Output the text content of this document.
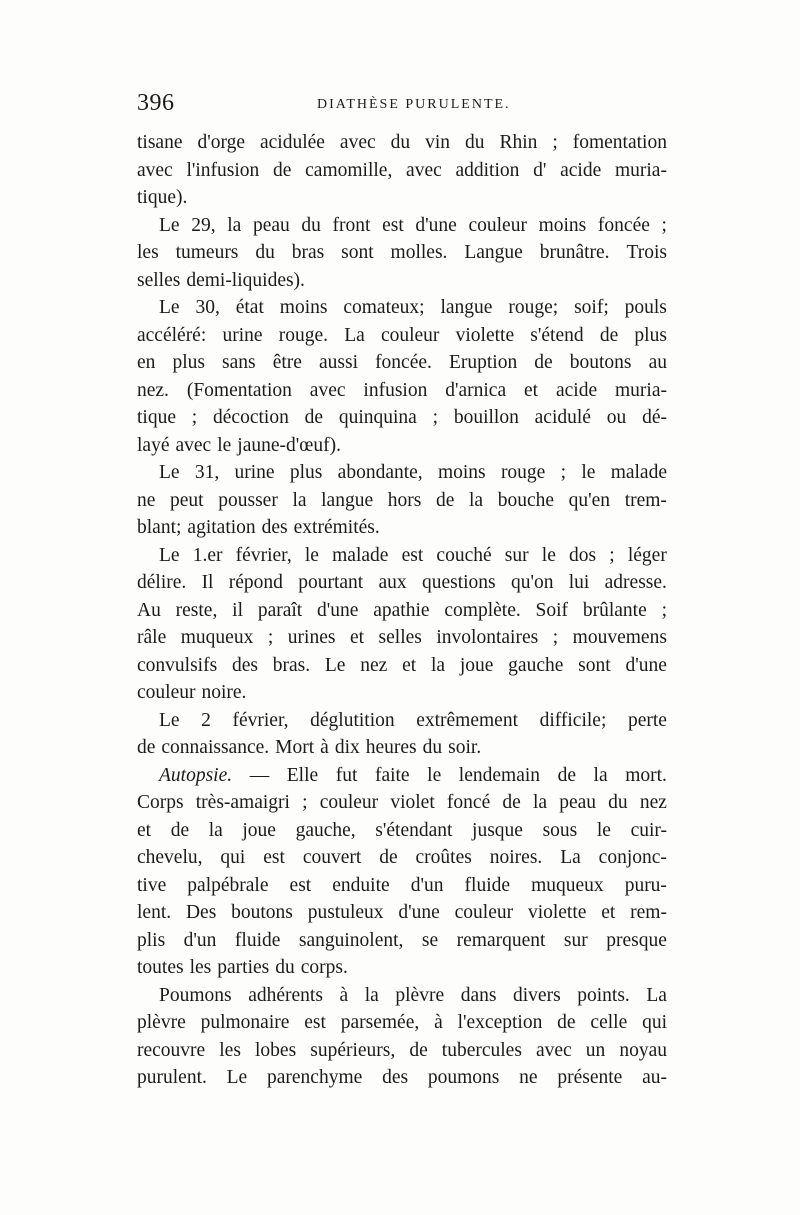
396	DIATHÈSE PURULENTE.
tisane d'orge acidulée avec du vin du Rhin ; fomentation
avec l'infusion de camomille, avec addition d' acide muria-
tique).
Le 29, la peau du front est d'une couleur moins foncée ;
les tumeurs du bras sont molles. Langue brunâtre. Trois
selles demi-liquides).
Le 30, état moins comateux; langue rouge; soif; pouls
accéléré: urine rouge. La couleur violette s'étend de plus
en plus sans être aussi foncée. Eruption de boutons au
nez. (Fomentation avec infusion d'arnica et acide muria-
tique ; décoction de quinquina ; bouillon acidulé ou dé-
layé avec le jaune-d'œuf).
Le 31, urine plus abondante, moins rouge ; le malade
ne peut pousser la langue hors de la bouche qu'en trem-
blant; agitation des extrémités.
Le 1.er février, le malade est couché sur le dos ; léger
délire. Il répond pourtant aux questions qu'on lui adresse.
Au reste, il paraît d'une apathie complète. Soif brûlante ;
râle muqueux ; urines et selles involontaires ; mouvemens
convulsifs des bras. Le nez et la joue gauche sont d'une
couleur noire.
Le 2 février, déglutition extrêmement difficile; perte
de connaissance. Mort à dix heures du soir.
Autopsie. — Elle fut faite le lendemain de la mort.
Corps très-amaigri ; couleur violet foncé de la peau du nez
et de la joue gauche, s'étendant jusque sous le cuir-
chevelu, qui est couvert de croûtes noires. La conjonc-
tive palpébrale est enduite d'un fluide muqueux puru-
lent. Des boutons pustuleux d'une couleur violette et rem-
plis d'un fluide sanguinolent, se remarquent sur presque
toutes les parties du corps.
Poumons adhérents à la plèvre dans divers points. La
plèvre pulmonaire est parsemée, à l'exception de celle qui
recouvre les lobes supérieurs, de tubercules avec un noyau
purulent. Le parenchyme des poumons ne présente au-
